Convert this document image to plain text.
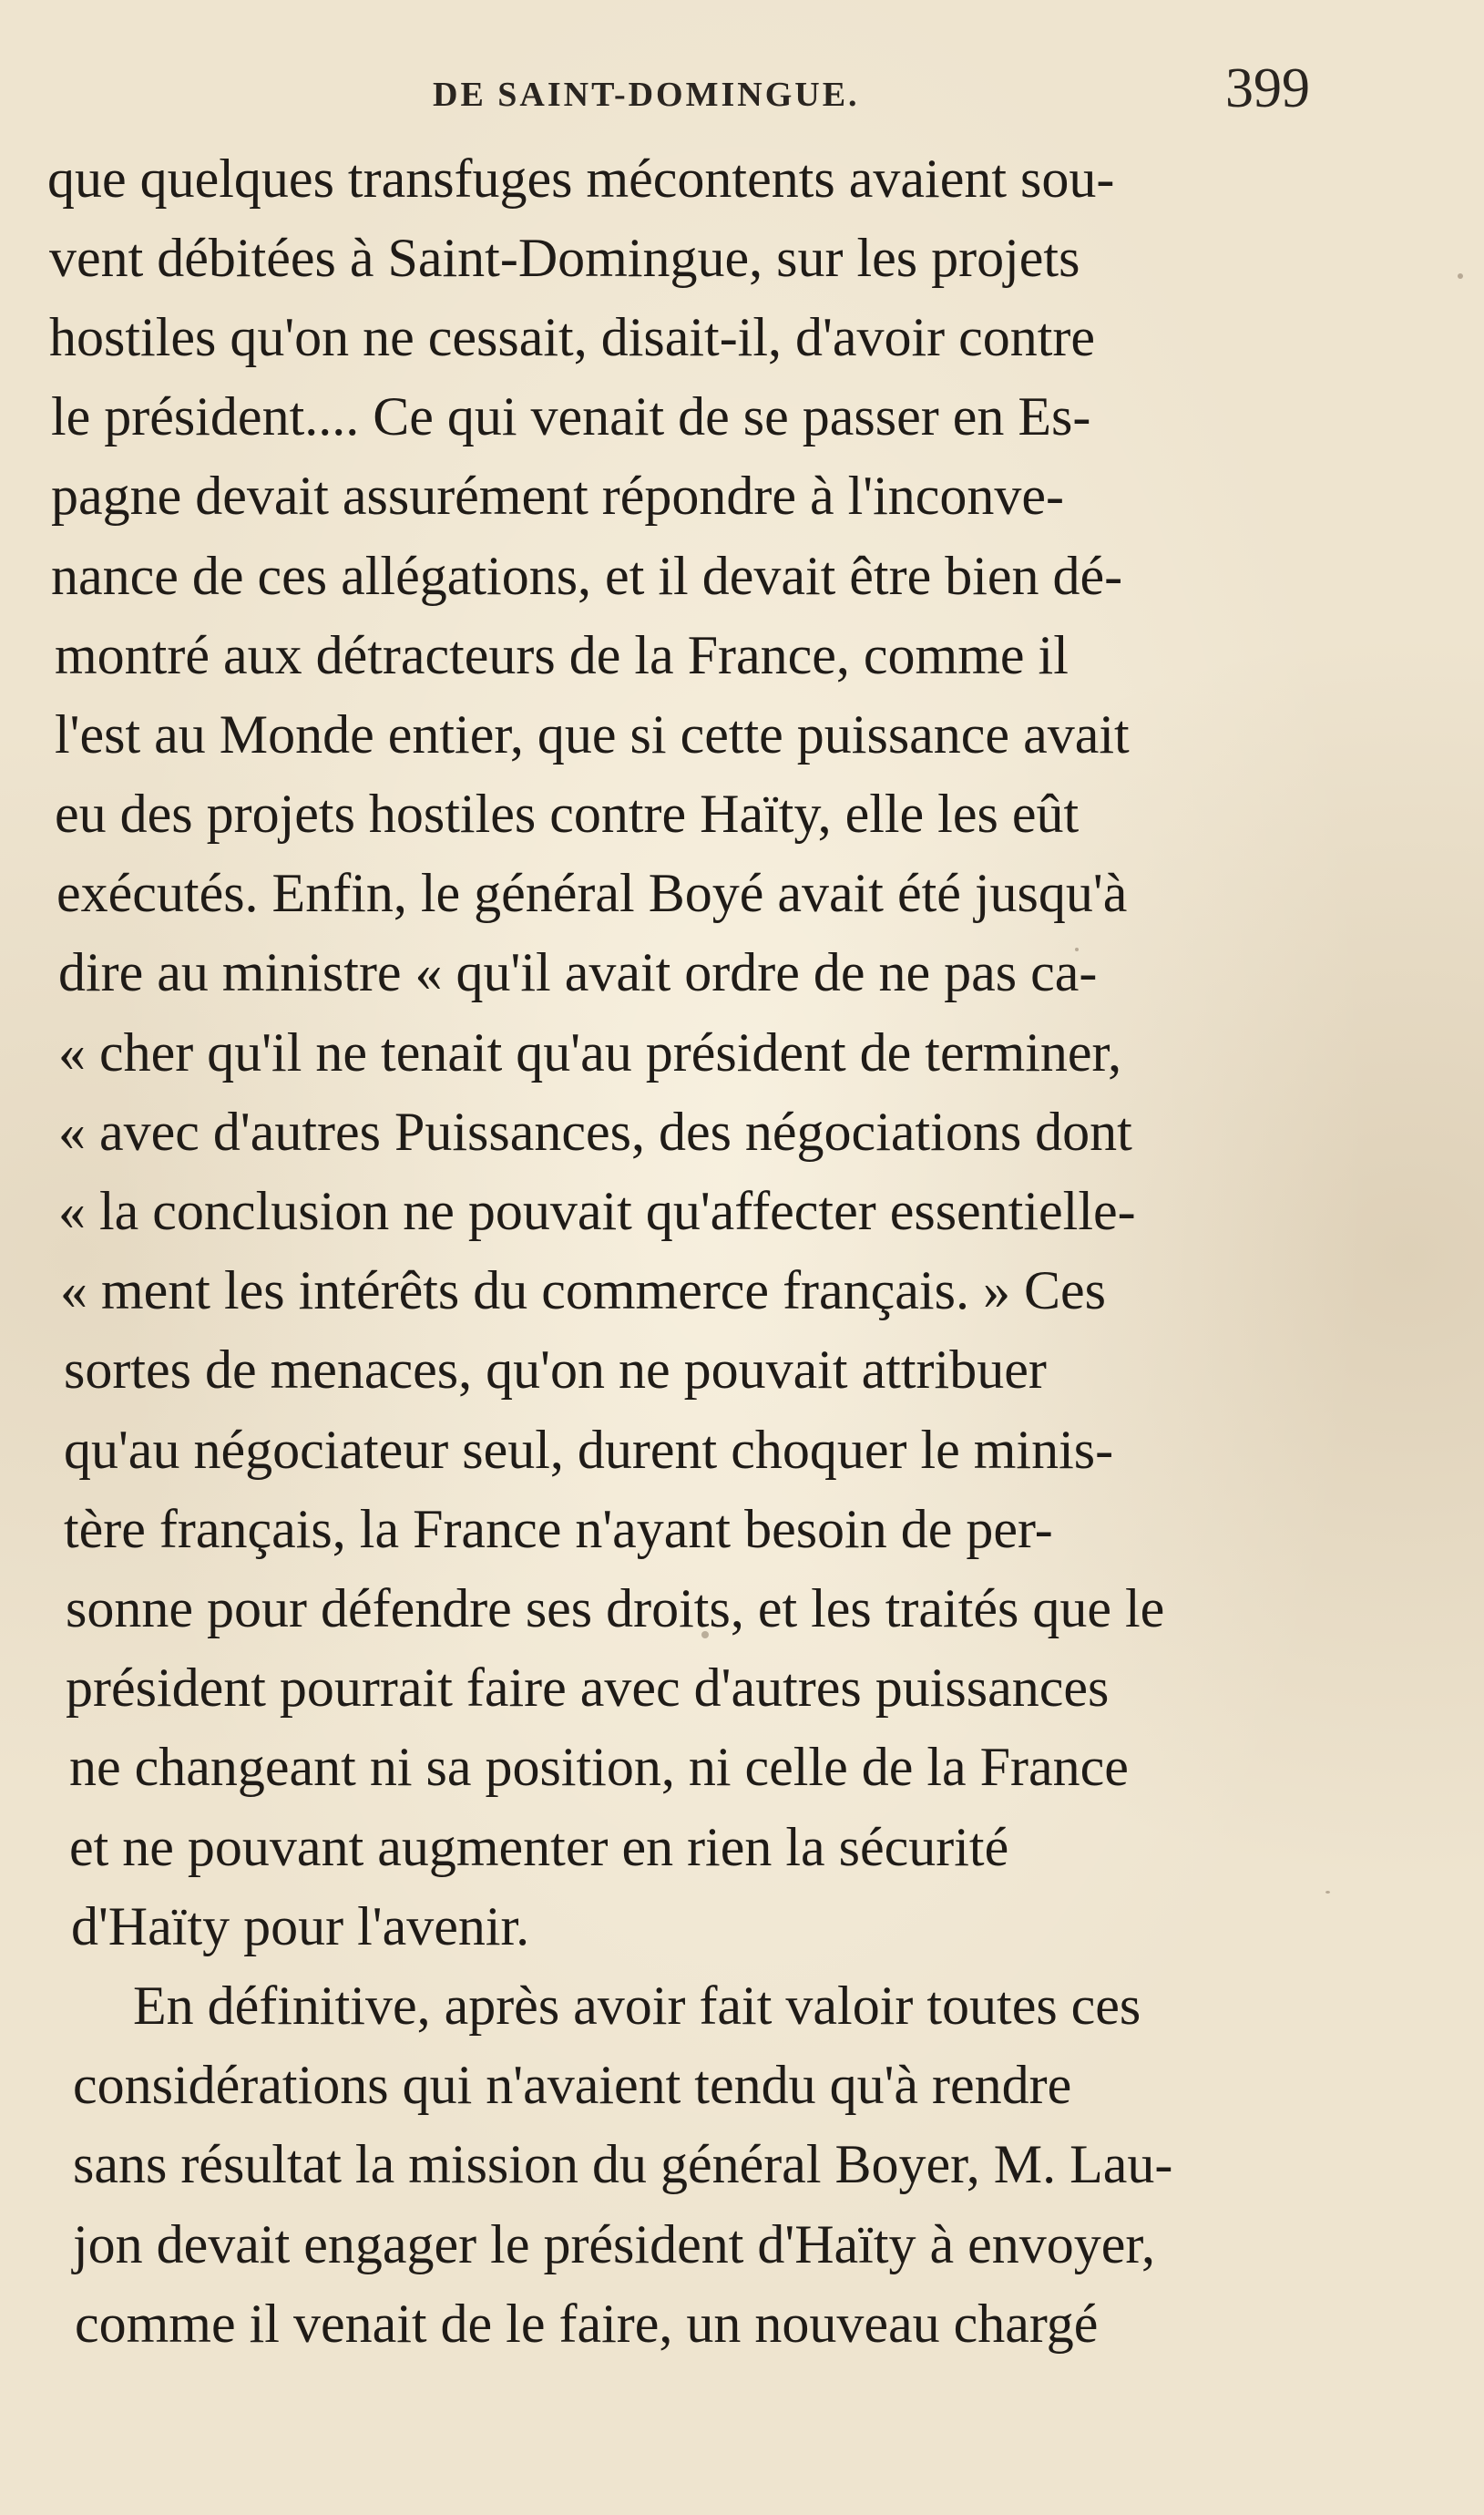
DE SAINT-DOMINGUE.	399
que quelques transfuges mécontents avaient sou-
vent débitées à Saint-Domingue, sur les projets
hostiles qu'on ne cessait, disait-il, d'avoir contre
le président.... Ce qui venait de se passer en Es-
pagne devait assurément répondre à l'inconve-
nance de ces allégations, et il devait être bien dé-
montré aux détracteurs de la France, comme il
l'est au Monde entier, que si cette puissance avait
eu des projets hostiles contre Haïty, elle les eût
exécutés. Enfin, le général Boyé avait été jusqu'à
dire au ministre « qu'il avait ordre de ne pas ca-
« cher qu'il ne tenait qu'au président de terminer,
« avec d'autres Puissances, des négociations dont
« la conclusion ne pouvait qu'affecter essentielle-
« ment les intérêts du commerce français. » Ces
sortes de menaces, qu'on ne pouvait attribuer
qu'au négociateur seul, durent choquer le minis-
tère français, la France n'ayant besoin de per-
sonne pour défendre ses droits, et les traités que le
président pourrait faire avec d'autres puissances
ne changeant ni sa position, ni celle de la France
et ne pouvant augmenter en rien la sécurité
d'Haïty pour l'avenir.
En définitive, après avoir fait valoir toutes ces
considérations qui n'avaient tendu qu'à rendre
sans résultat la mission du général Boyer, M. Lau-
jon devait engager le président d'Haïty à envoyer,
comme il venait de le faire, un nouveau chargé
